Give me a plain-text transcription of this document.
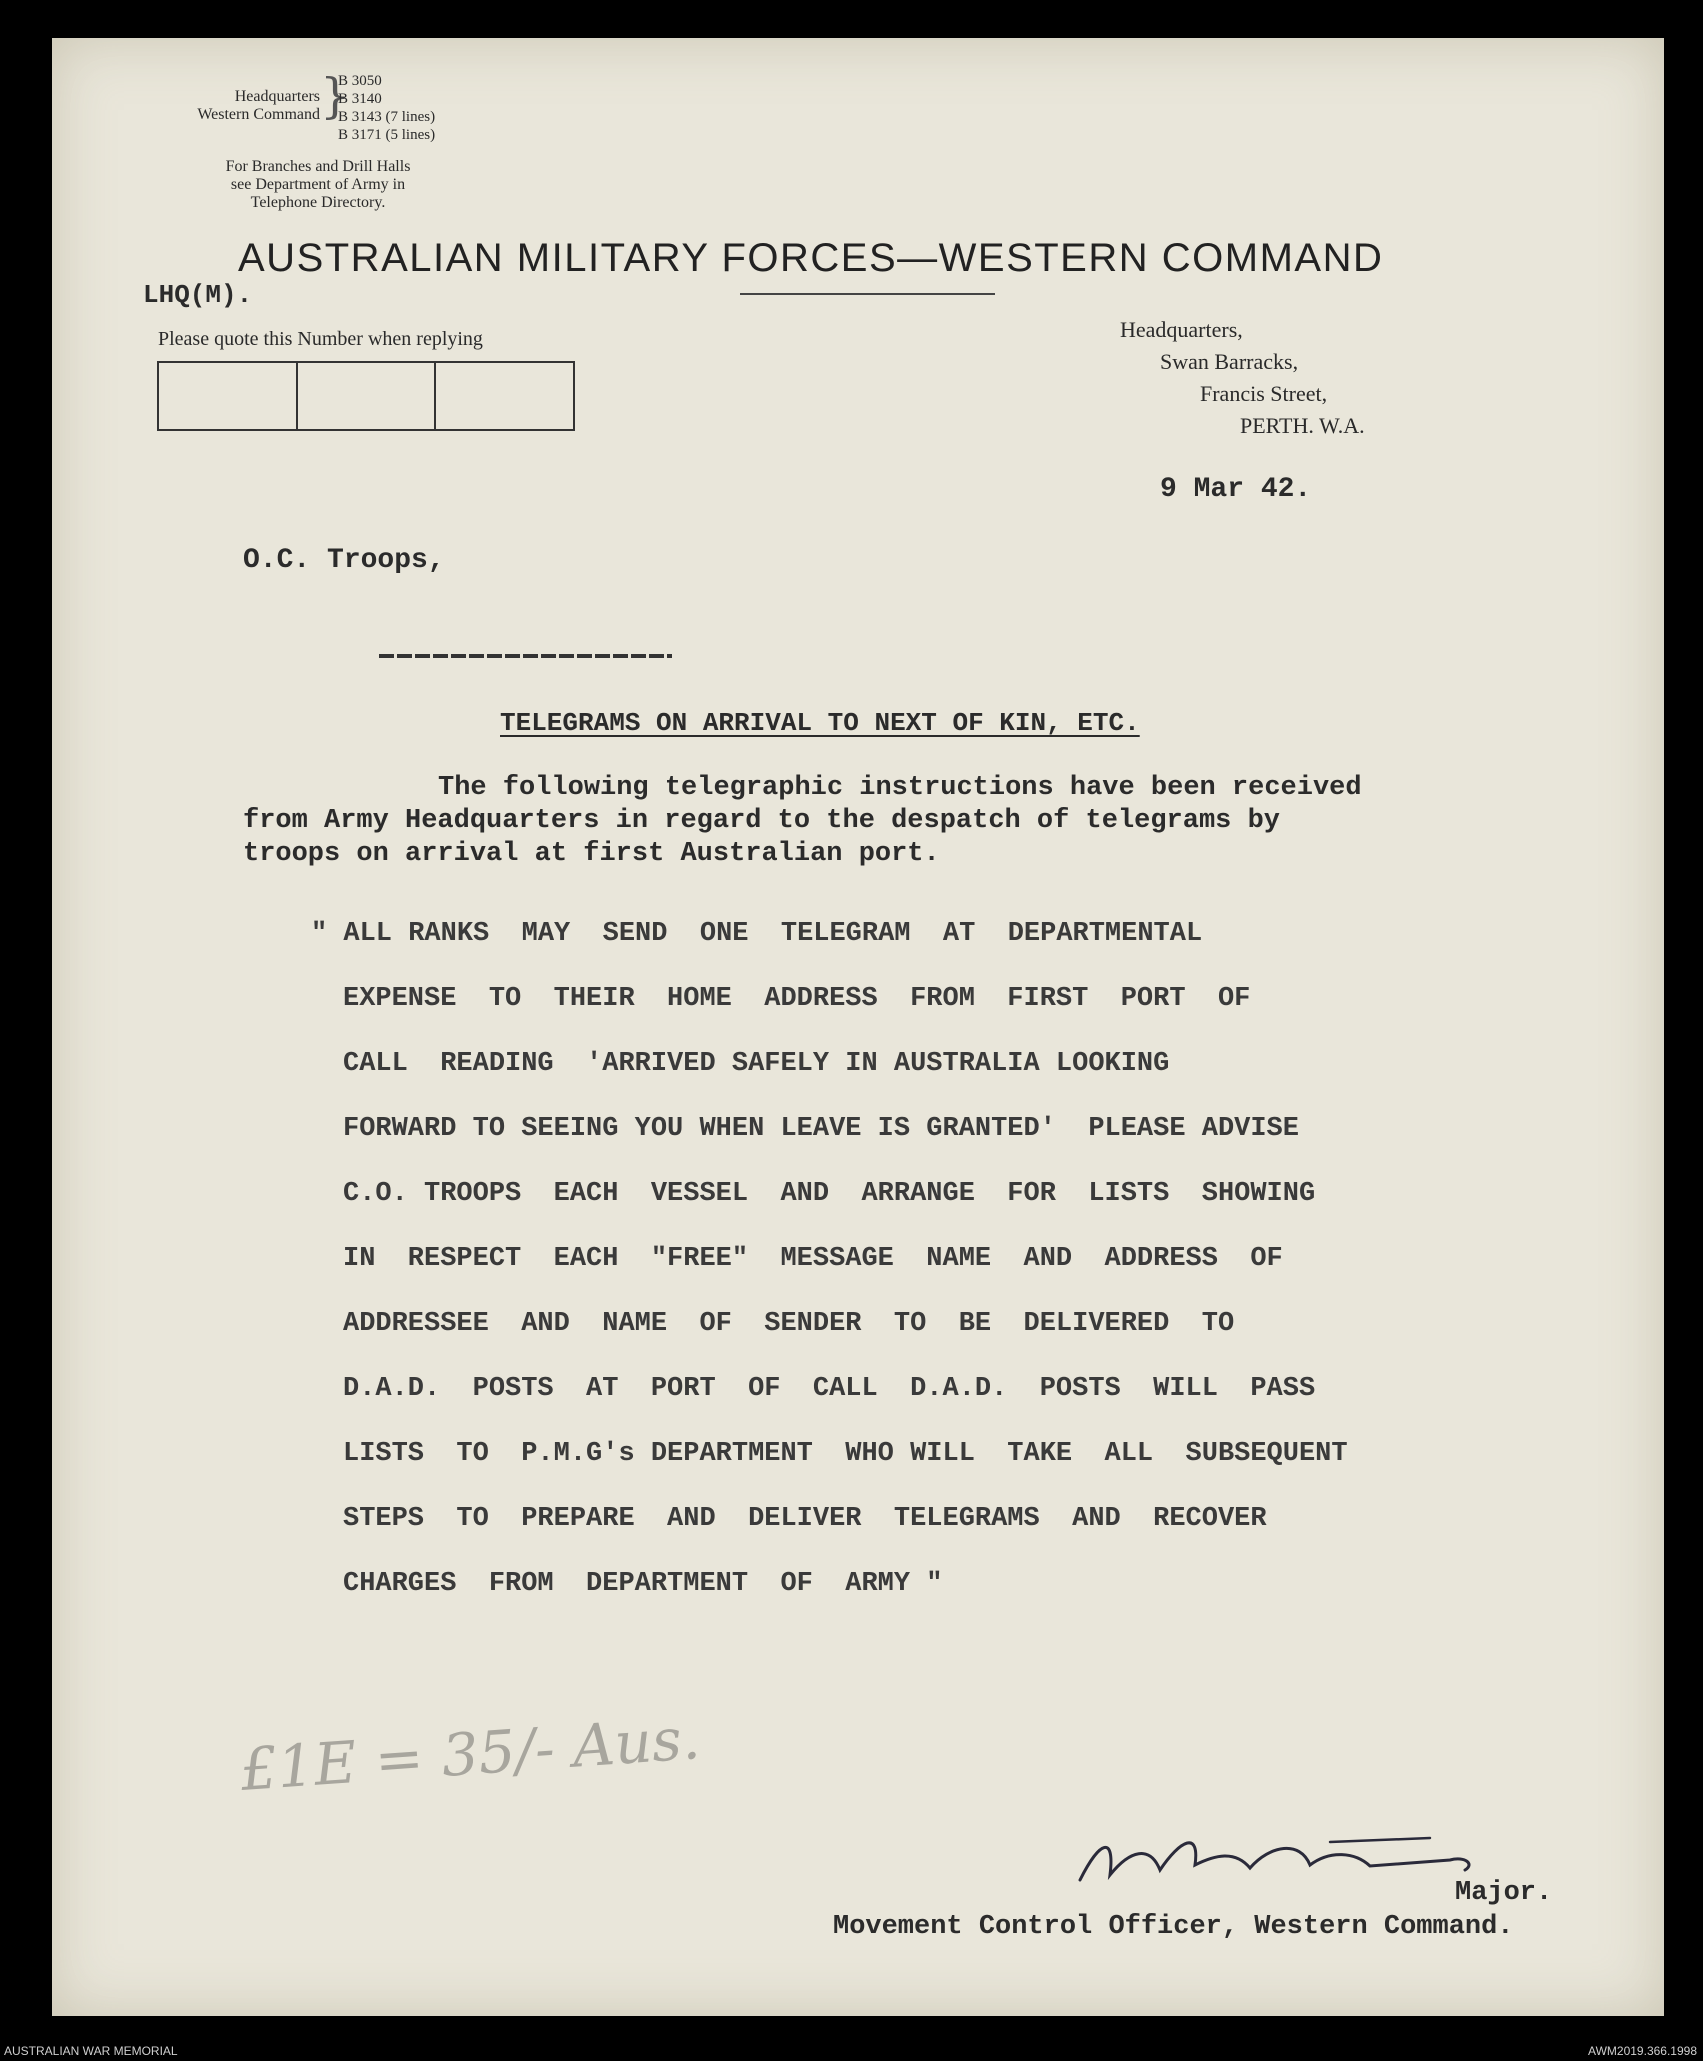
Headquarters
Western Command }
B 3050
B 3140
B 3143 (7 lines)
B 3171 (5 lines)
For Branches and Drill Halls
see Department of Army in
Telephone Directory.
AUSTRALIAN MILITARY FORCES—WESTERN COMMAND
LHQ(M).
Please quote this Number when replying	Headquarters,
Swan Barracks,
Francis Street,
PERTH. W.A.
9 Mar 42.
O.C. Troops,
TELEGRAMS ON ARRIVAL TO NEXT OF KIN, ETC.
The following telegraphic instructions have been received
from Army Headquarters in regard to the despatch of telegrams by
troops on arrival at first Australian port.
" ALL RANKS  MAY  SEND  ONE  TELEGRAM  AT  DEPARTMENTAL
EXPENSE  TO  THEIR  HOME  ADDRESS  FROM  FIRST  PORT  OF
CALL  READING  'ARRIVED SAFELY IN AUSTRALIA LOOKING
FORWARD TO SEEING YOU WHEN LEAVE IS GRANTED'  PLEASE ADVISE
C.O. TROOPS  EACH  VESSEL  AND  ARRANGE  FOR  LISTS  SHOWING
IN  RESPECT  EACH  "FREE"  MESSAGE  NAME  AND  ADDRESS  OF
ADDRESSEE  AND  NAME  OF  SENDER  TO  BE  DELIVERED  TO
D.A.D.  POSTS  AT  PORT  OF  CALL  D.A.D.  POSTS  WILL  PASS
LISTS  TO  P.M.G's DEPARTMENT  WHO WILL  TAKE  ALL  SUBSEQUENT
STEPS  TO  PREPARE  AND  DELIVER  TELEGRAMS  AND  RECOVER
CHARGES  FROM  DEPARTMENT  OF  ARMY "
£1E = 35/- Aus.
Major.
Movement Control Officer, Western Command.
AUSTRALIAN WAR MEMORIAL	AWM2019.366.1998
